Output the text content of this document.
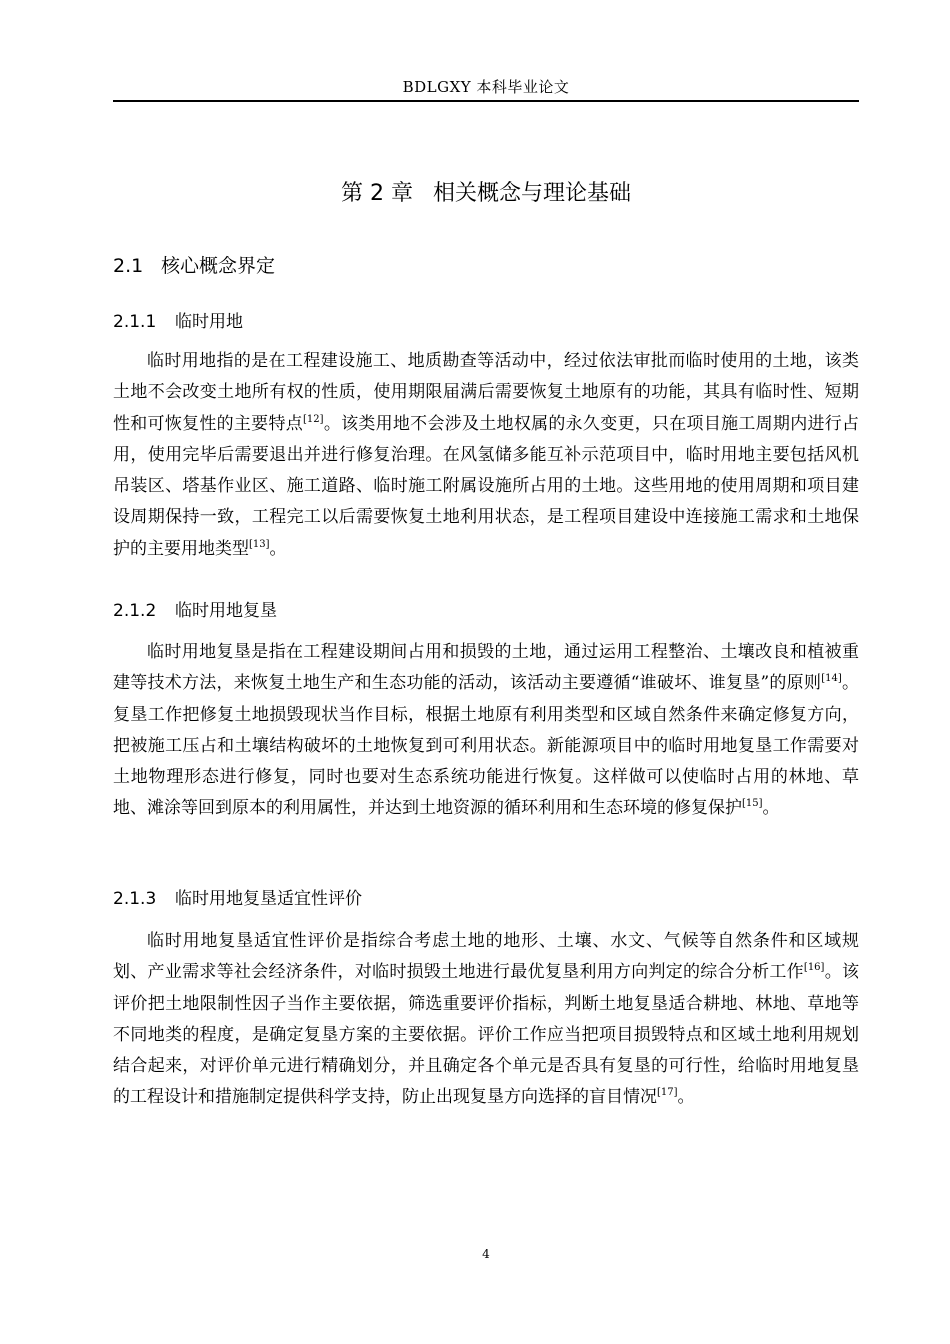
BDLGXY 本科毕业论文
第 2 章 相关概念与理论基础
2.1 核心概念界定
2.1.1 临时用地

临时用地指的是在工程建设施工、地质勘查等活动中，经过依法审批而临时使用的土地，该类土地不会改变土地所有权的性质，使用期限届满后需要恢复土地原有的功能，其具有临时性、短期性和可恢复性的主要特点[12]。该类用地不会涉及土地权属的永久变更，只在项目施工周期内进行占用，使用完毕后需要退出并进行修复治理。在风氢储多能互补示范项目中，临时用地主要包括风机吊装区、塔基作业区、施工道路、临时施工附属设施所占用的土地。这些用地的使用周期和项目建设周期保持一致，工程完工以后需要恢复土地利用状态，是工程项目建设中连接施工需求和土地保护的主要用地类型[13]。

2.1.2 临时用地复垦

临时用地复垦是指在工程建设期间占用和损毁的土地，通过运用工程整治、土壤改良和植被重建等技术方法，来恢复土地生产和生态功能的活动，该活动主要遵循“谁破坏、谁复垦”的原则[14]。复垦工作把修复土地损毁现状当作目标，根据土地原有利用类型和区域自然条件来确定修复方向，把被施工压占和土壤结构破坏的土地恢复到可利用状态。新能源项目中的临时用地复垦工作需要对土地物理形态进行修复，同时也要对生态系统功能进行恢复。这样做可以使临时占用的林地、草地、滩涂等回到原本的利用属性，并达到土地资源的循环利用和生态环境的修复保护[15]。

2.1.3 临时用地复垦适宜性评价

临时用地复垦适宜性评价是指综合考虑土地的地形、土壤、水文、气候等自然条件和区域规划、产业需求等社会经济条件，对临时损毁土地进行最优复垦利用方向判定的综合分析工作[16]。该评价把土地限制性因子当作主要依据，筛选重要评价指标，判断土地复垦适合耕地、林地、草地等不同地类的程度，是确定复垦方案的主要依据。评价工作应当把项目损毁特点和区域土地利用规划结合起来，对评价单元进行精确划分，并且确定各个单元是否具有复垦的可行性，给临时用地复垦的工程设计和措施制定提供科学支持，防止出现复垦方向选择的盲目情况[17]。

4
